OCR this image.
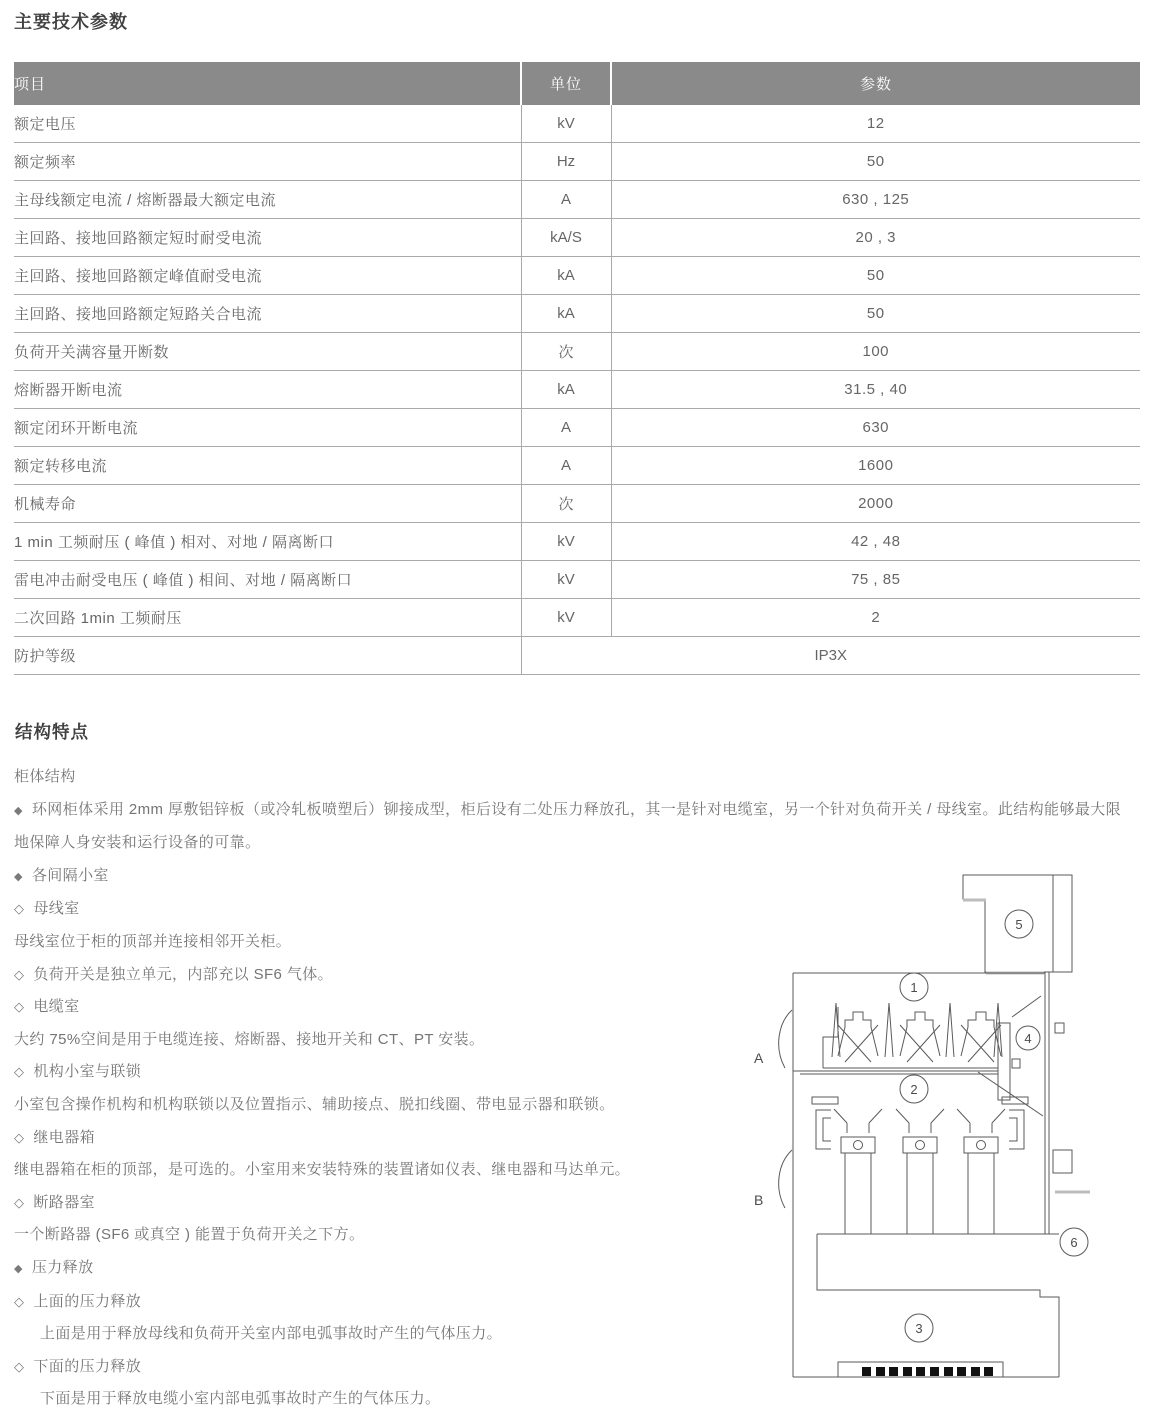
主要技术参数
项目	单位	参数
额定电压	kV	12
额定频率	Hz	50
主母线额定电流 / 熔断器最大额定电流	A	630 , 125
主回路、接地回路额定短时耐受电流	kA/S	20 , 3
主回路、接地回路额定峰值耐受电流	kA	50
主回路、接地回路额定短路关合电流	kA	50
负荷开关满容量开断数	次	100
熔断器开断电流	kA	31.5 , 40
额定闭环开断电流	A	630
额定转移电流	A	1600
机械寿命	次	2000
1 min 工频耐压 ( 峰值 ) 相对、对地 / 隔离断口	kV	42 , 48
雷电冲击耐受电压 ( 峰值 ) 相间、对地 / 隔离断口	kV	75 , 85
二次回路 1min 工频耐压	kV	2
防护等级	IP3X	
结构特点
柜体结构
◆ 环网柜体采用 2mm 厚敷铝锌板（或冷轧板喷塑后）铆接成型，柜后设有二处压力释放孔，其一是针对电缆室，另一个针对负荷开关 / 母线室。此结构能够最大限地保障人身安装和运行设备的可靠。
◆ 各间隔小室
◇ 母线室
母线室位于柜的顶部并连接相邻开关柜。
◇ 负荷开关是独立单元，内部充以 SF6 气体。
◇ 电缆室
大约 75%空间是用于电缆连接、熔断器、接地开关和 CT、PT 安装。
◇ 机构小室与联锁
小室包含操作机构和机构联锁以及位置指示、辅助接点、脱扣线圈、带电显示器和联锁。
◇ 继电器箱
继电器箱在柜的顶部，是可选的。小室用来安装特殊的装置诸如仪表、继电器和马达单元。
◇ 断路器室
一个断路器 (SF6 或真空 ) 能置于负荷开关之下方。
◆ 压力释放
◇ 上面的压力释放
上面是用于释放母线和负荷开关室内部电弧事故时产生的气体压力。
◇ 下面的压力释放
下面是用于释放电缆小室内部电弧事故时产生的气体压力。
A
1
2
4
5
B
6
3
